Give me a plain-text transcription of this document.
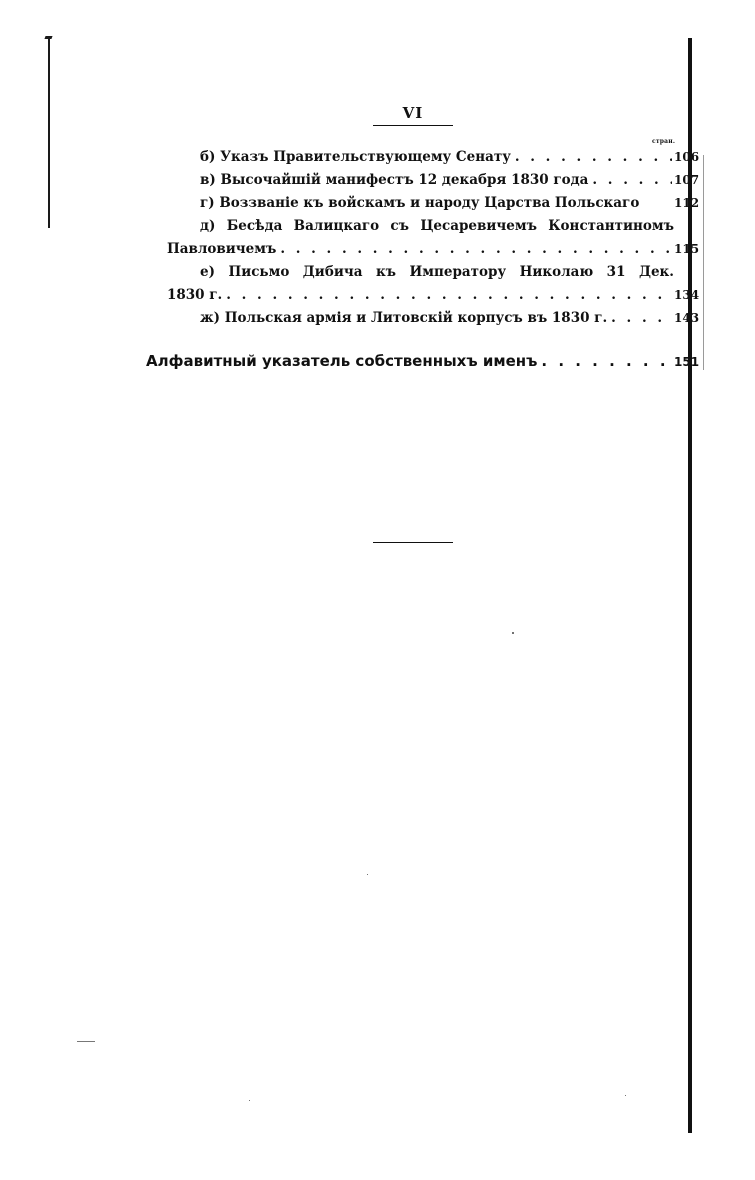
VI
стран.
б) Указъ Правительствующему Сенату . . .	106
в) Высочайшій манифестъ 12 декабря 1830 года . . .	107
г) Воззваніе къ войскамъ и народу Царства Польскаго	112
д) Бесѣда Валицкаго съ Цесаревичемъ Константиномъ
Павловичемъ . . .	115
е) Письмо Дибича къ Императору Николаю 31 Дек.
1830 г. . . .	134
ж) Польская армія и Литовскій корпусъ въ 1830 г. . . .	143
Алфавитный указатель собственныхъ именъ . . .	151
